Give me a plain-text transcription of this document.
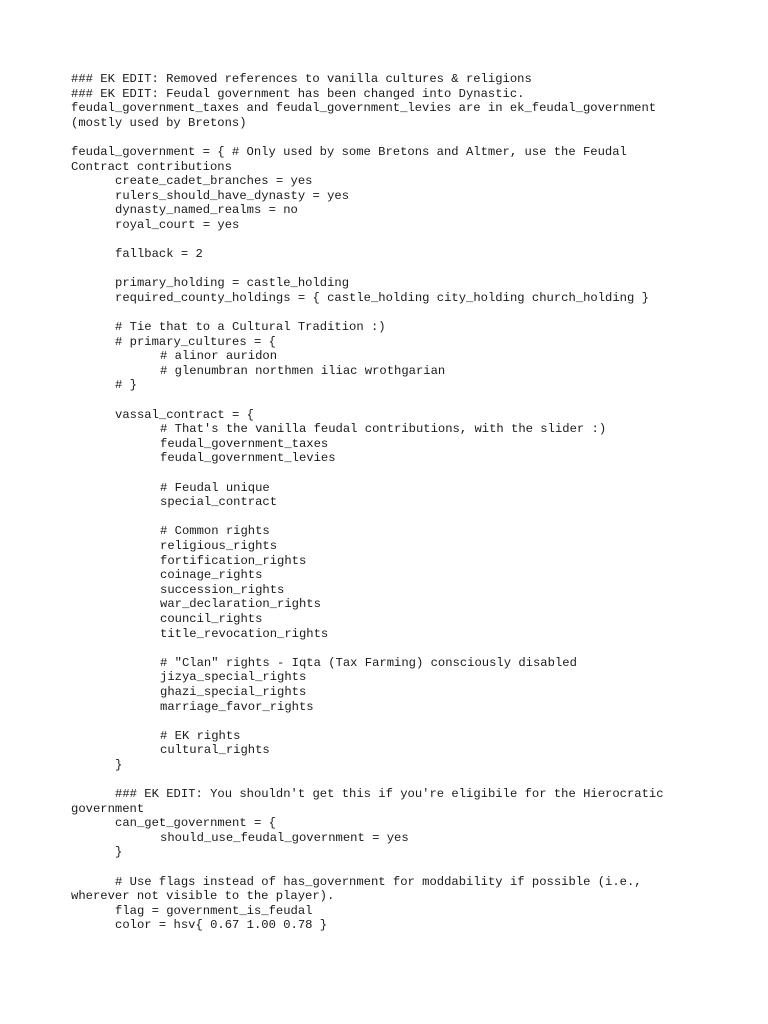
### EK EDIT: Removed references to vanilla cultures & religions
### EK EDIT: Feudal government has been changed into Dynastic.
feudal_government_taxes and feudal_government_levies are in ek_feudal_government
(mostly used by Bretons)
feudal_government = { # Only used by some Bretons and Altmer, use the Feudal
Contract contributions
create_cadet_branches = yes
rulers_should_have_dynasty = yes
dynasty_named_realms = no
royal_court = yes
fallback = 2
primary_holding = castle_holding
required_county_holdings = { castle_holding city_holding church_holding }
# Tie that to a Cultural Tradition :)
# primary_cultures = {
# alinor auridon
# glenumbran northmen iliac wrothgarian
# }
vassal_contract = {
# That's the vanilla feudal contributions, with the slider :)
feudal_government_taxes
feudal_government_levies
# Feudal unique
special_contract
# Common rights
religious_rights
fortification_rights
coinage_rights
succession_rights
war_declaration_rights
council_rights
title_revocation_rights
# "Clan" rights - Iqta (Tax Farming) consciously disabled
jizya_special_rights
ghazi_special_rights
marriage_favor_rights
# EK rights
cultural_rights
}
### EK EDIT: You shouldn't get this if you're eligibile for the Hierocratic
government
can_get_government = {
should_use_feudal_government = yes
}
# Use flags instead of has_government for moddability if possible (i.e.,
wherever not visible to the player).
flag = government_is_feudal
color = hsv{ 0.67 1.00 0.78 }
